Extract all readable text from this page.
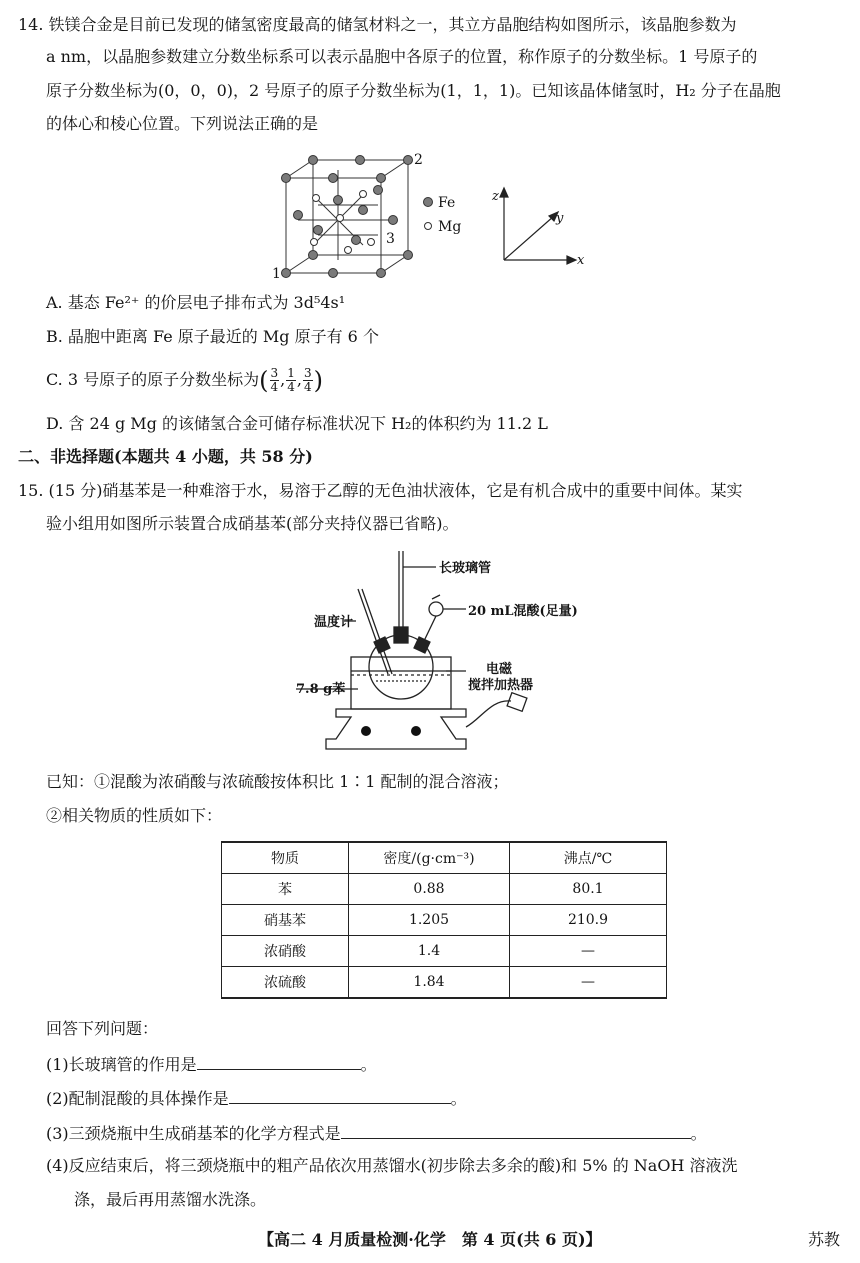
14. 铁镁合金是目前已发现的储氢密度最高的储氢材料之一，其立方晶胞结构如图所示，该晶胞参数为
a nm，以晶胞参数建立分数坐标系可以表示晶胞中各原子的位置，称作原子的分数坐标。1 号原子的
原子分数坐标为(0，0，0)，2 号原子的原子分数坐标为(1，1，1)。已知该晶体储氢时，H₂ 分子在晶胞
的体心和棱心位置。下列说法正确的是
1
2
3
Fe
Mg
z
y
x
A. 基态 Fe²⁺ 的价层电子排布式为 3d⁵4s¹
B. 晶胞中距离 Fe 原子最近的 Mg 原子有 6 个
C. 3 号原子的原子分数坐标为( $\frac{3}{4}$ , $\frac{1}{4}$ , $\frac{3}{4}$ )
D. 含 24 g Mg 的该储氢合金可储存标准状况下 H₂的体积约为 11.2 L
二、非选择题(本题共 4 小题，共 58 分)
15. (15 分)硝基苯是一种难溶于水，易溶于乙醇的无色油状液体，它是有机合成中的重要中间体。某实
验小组用如图所示装置合成硝基苯(部分夹持仪器已省略)。
长玻璃管
温度计
20 mL混酸(足量)
7.8 g苯
电磁
搅拌加热器
已知：①混酸为浓硝酸与浓硫酸按体积比 1∶1 配制的混合溶液；
②相关物质的性质如下：
物质	密度/(g·cm⁻³)	沸点/℃
苯	0.88	80.1
硝基苯	1.205	210.9
浓硝酸	1.4	—
浓硫酸	1.84	—
回答下列问题：
(1)长玻璃管的作用是	。
(2)配制混酸的具体操作是	。
(3)三颈烧瓶中生成硝基苯的化学方程式是	。
(4)反应结束后，将三颈烧瓶中的粗产品依次用蒸馏水(初步除去多余的酸)和 5% 的 NaOH 溶液洗
涤，最后再用蒸馏水洗涤。
【高二 4 月质量检测·化学　第 4 页(共 6 页)】	苏教
